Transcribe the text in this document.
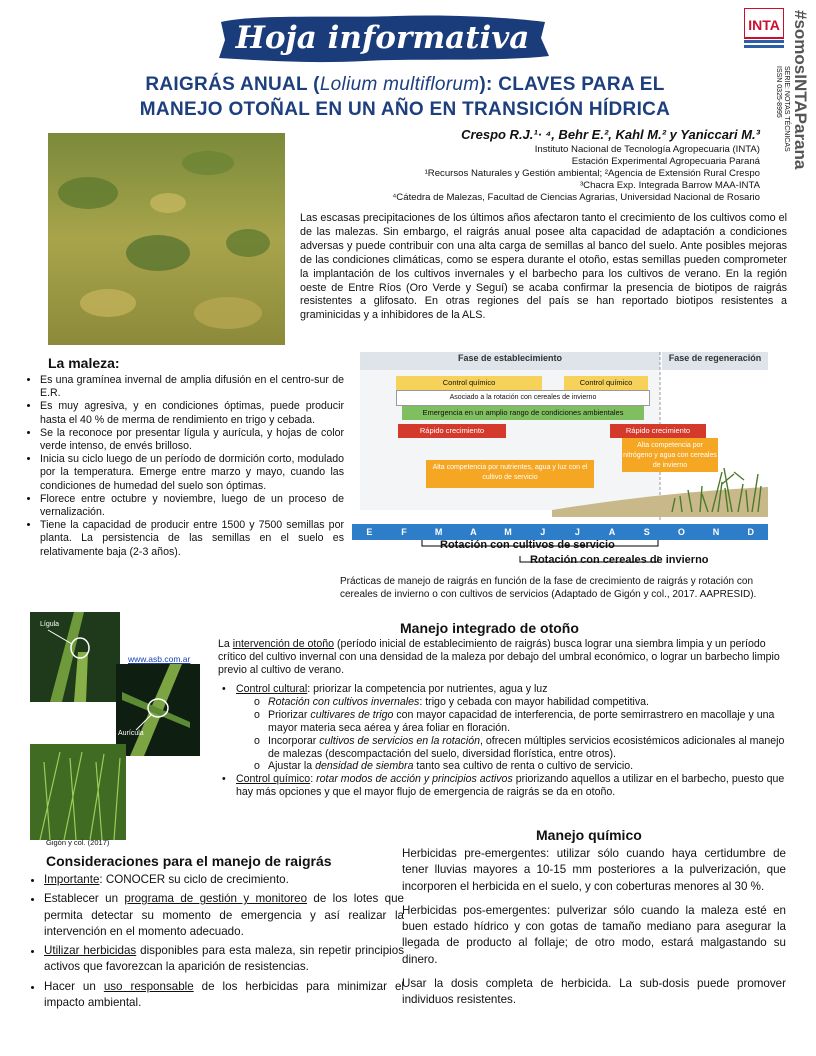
Hoja informativa	INTA #somosINTAParana
SERIE: NOTAS TÉCNICAS
ISSN 0325-8995
RAIGRÁS ANUAL (Lolium multiflorum): CLAVES PARA EL
MANEJO OTOÑAL EN UN AÑO EN TRANSICIÓN HÍDRICA
Crespo R.J.¹· ⁴, Behr E.², Kahl M.² y Yaniccari M.³
Instituto Nacional de Tecnología Agropecuaria (INTA)
Estación Experimental Agropecuaria Paraná
¹Recursos Naturales y Gestión ambiental; ²Agencia de Extensión Rural Crespo
³Chacra Exp. Integrada Barrow MAA-INTA
⁴Cátedra de Malezas, Facultad de Ciencias Agrarias, Universidad Nacional de Rosario
Las escasas precipitaciones de los últimos años afectaron tanto el crecimiento de los cultivos como el de las malezas. Sin embargo, el raigrás anual posee alta capacidad de adaptación a condiciones adversas y puede contribuir con una alta carga de semillas al banco del suelo. Ante posibles mejoras de las condiciones climáticas, como se espera durante el otoño, estas semillas pueden comprometer la implantación de los cultivos invernales y el barbecho para los cultivos de verano. En la región oeste de Entre Ríos (Oro Verde y Seguí) se acaba confirmar la presencia de biotipos de raigrás resistentes a glifosato. En otras regiones del país se han reportado biotipos resistentes a graminicidas y a inhibidores de la ALS.
La maleza:
• Es una gramínea invernal de amplia difusión en el centro-sur de E.R.
• Es muy agresiva, y en condiciones óptimas, puede producir hasta el 40 % de merma de rendimiento en trigo y cebada.
• Se la reconoce por presentar lígula y aurícula, y hojas de color verde intenso, de envés brilloso.
• Inicia su ciclo luego de un período de dormición corto, modulado por la temperatura. Emerge entre marzo y mayo, cuando las condiciones de humedad del suelo son óptimas.
• Florece entre octubre y noviembre, luego de un proceso de vernalización.
• Tiene la capacidad de producir entre 1500 y 7500 semillas por planta. La persistencia de las semillas en el suelo es relativamente baja (2-3 años).
Fase de establecimiento	Fase de regeneración
Control químico	Control químico
Asociado a la rotación con cereales de invierno
Emergencia en un amplio rango de condiciones ambientales
Rápido crecimiento	Rápido crecimiento
Alta competencia por nutrientes, agua y luz con el cultivo de servicio
Alta competencia por nitrógeno y agua con cereales de invierno
E	F	M	A	M	J	J	A	S	O	N	D
Rotación con cultivos de servicio
Rotación con cereales de invierno
Prácticas de manejo de raigrás en función de la fase de crecimiento de raigrás y rotación con cereales de invierno o con cultivos de servicios (Adaptado de Gigón y col., 2017. AAPRESID).
Lígula
Aurícula
www.asb.com.ar
Gigón y col. (2017)
Manejo integrado de otoño
La intervención de otoño (período inicial de establecimiento de raigrás) busca lograr una siembra limpia y un período crítico del cultivo invernal con una densidad de la maleza por debajo del umbral económico, o lograr un barbecho limpio previo al cultivo de verano.
• Control cultural: priorizar la competencia por nutrientes, agua y luz
o Rotación con cultivos invernales: trigo y cebada con mayor habilidad competitiva.
o Priorizar cultivares de trigo con mayor capacidad de interferencia, de porte semirrastrero en macollaje y una mayor materia seca aérea y área foliar en floración.
o Incorporar cultivos de servicios en la rotación, ofrecen múltiples servicios ecosistémicos adicionales al manejo de malezas (descompactación del suelo, diversidad florística, entre otros).
o Ajustar la densidad de siembra tanto sea cultivo de renta o cultivo de servicio.
• Control químico: rotar modos de acción y principios activos priorizando aquellos a utilizar en el barbecho, puesto que hay más opciones y que el mayor flujo de emergencia de raigrás se da en otoño.
Manejo químico

Herbicidas pre-emergentes: utilizar sólo cuando haya certidumbre de tener lluvias mayores a 10-15 mm posteriores a la pulverización, que incorporen el herbicida en el suelo, y con coberturas menores al 30 %.

Herbicidas pos-emergentes: pulverizar sólo cuando la maleza esté en buen estado hídrico y con gotas de tamaño mediano para asegurar la llegada de producto al follaje; de otro modo, estará malgastando su dinero.

Usar la dosis completa de herbicida. La sub-dosis puede promover individuos resistentes.

Consideraciones para el manejo de raigrás
• Importante: CONOCER su ciclo de crecimiento.
• Establecer un programa de gestión y monitoreo de los lotes que permita detectar su momento de emergencia y así realizar la intervención en el momento adecuado.
• Utilizar herbicidas disponibles para esta maleza, sin repetir principios activos que favorezcan la aparición de resistencias.
• Hacer un uso responsable de los herbicidas para minimizar el impacto ambiental.
